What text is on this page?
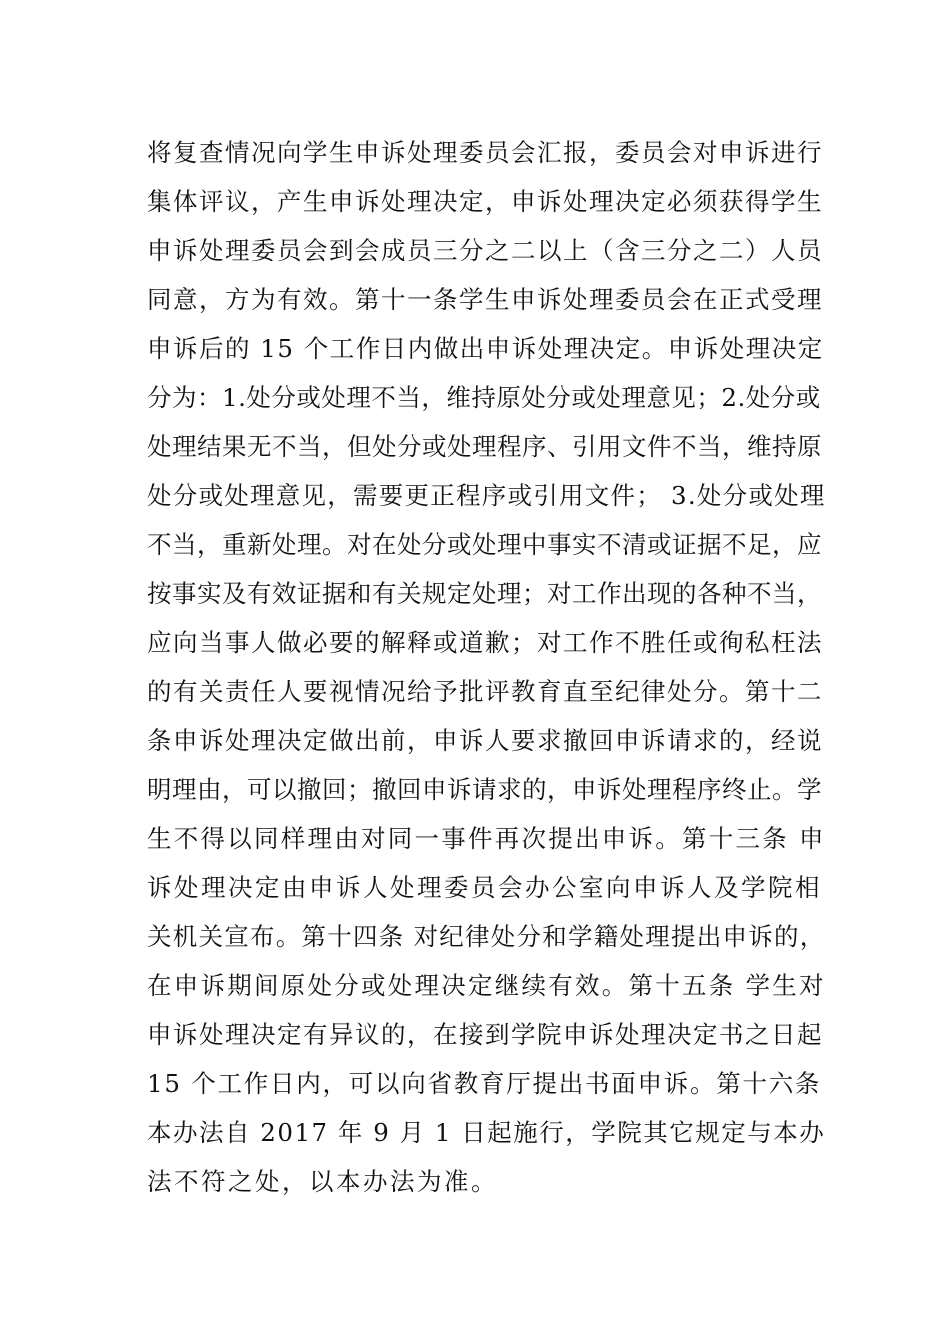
将复查情况向学生申诉处理委员会汇报，委员会对申诉进行
集体评议，产生申诉处理决定，申诉处理决定必须获得学生
申诉处理委员会到会成员三分之二以上（含三分之二）人员
同意，方为有效。第十一条学生申诉处理委员会在正式受理
申诉后的 15 个工作日内做出申诉处理决定。申诉处理决定
分为：1.处分或处理不当，维持原处分或处理意见；2.处分或
处理结果无不当，但处分或处理程序、引用文件不当，维持原
处分或处理意见，需要更正程序或引用文件； 3.处分或处理
不当，重新处理。对在处分或处理中事实不清或证据不足，应
按事实及有效证据和有关规定处理；对工作出现的各种不当，
应向当事人做必要的解释或道歉；对工作不胜任或徇私枉法
的有关责任人要视情况给予批评教育直至纪律处分。第十二
条申诉处理决定做出前，申诉人要求撤回申诉请求的，经说
明理由，可以撤回；撤回申诉请求的，申诉处理程序终止。学
生不得以同样理由对同一事件再次提出申诉。第十三条 申
诉处理决定由申诉人处理委员会办公室向申诉人及学院相
关机关宣布。第十四条 对纪律处分和学籍处理提出申诉的，
在申诉期间原处分或处理决定继续有效。第十五条 学生对
申诉处理决定有异议的，在接到学院申诉处理决定书之日起
15 个工作日内，可以向省教育厅提出书面申诉。第十六条
本办法自 2017 年 9 月 1 日起施行，学院其它规定与本办
法不符之处，以本办法为准。
